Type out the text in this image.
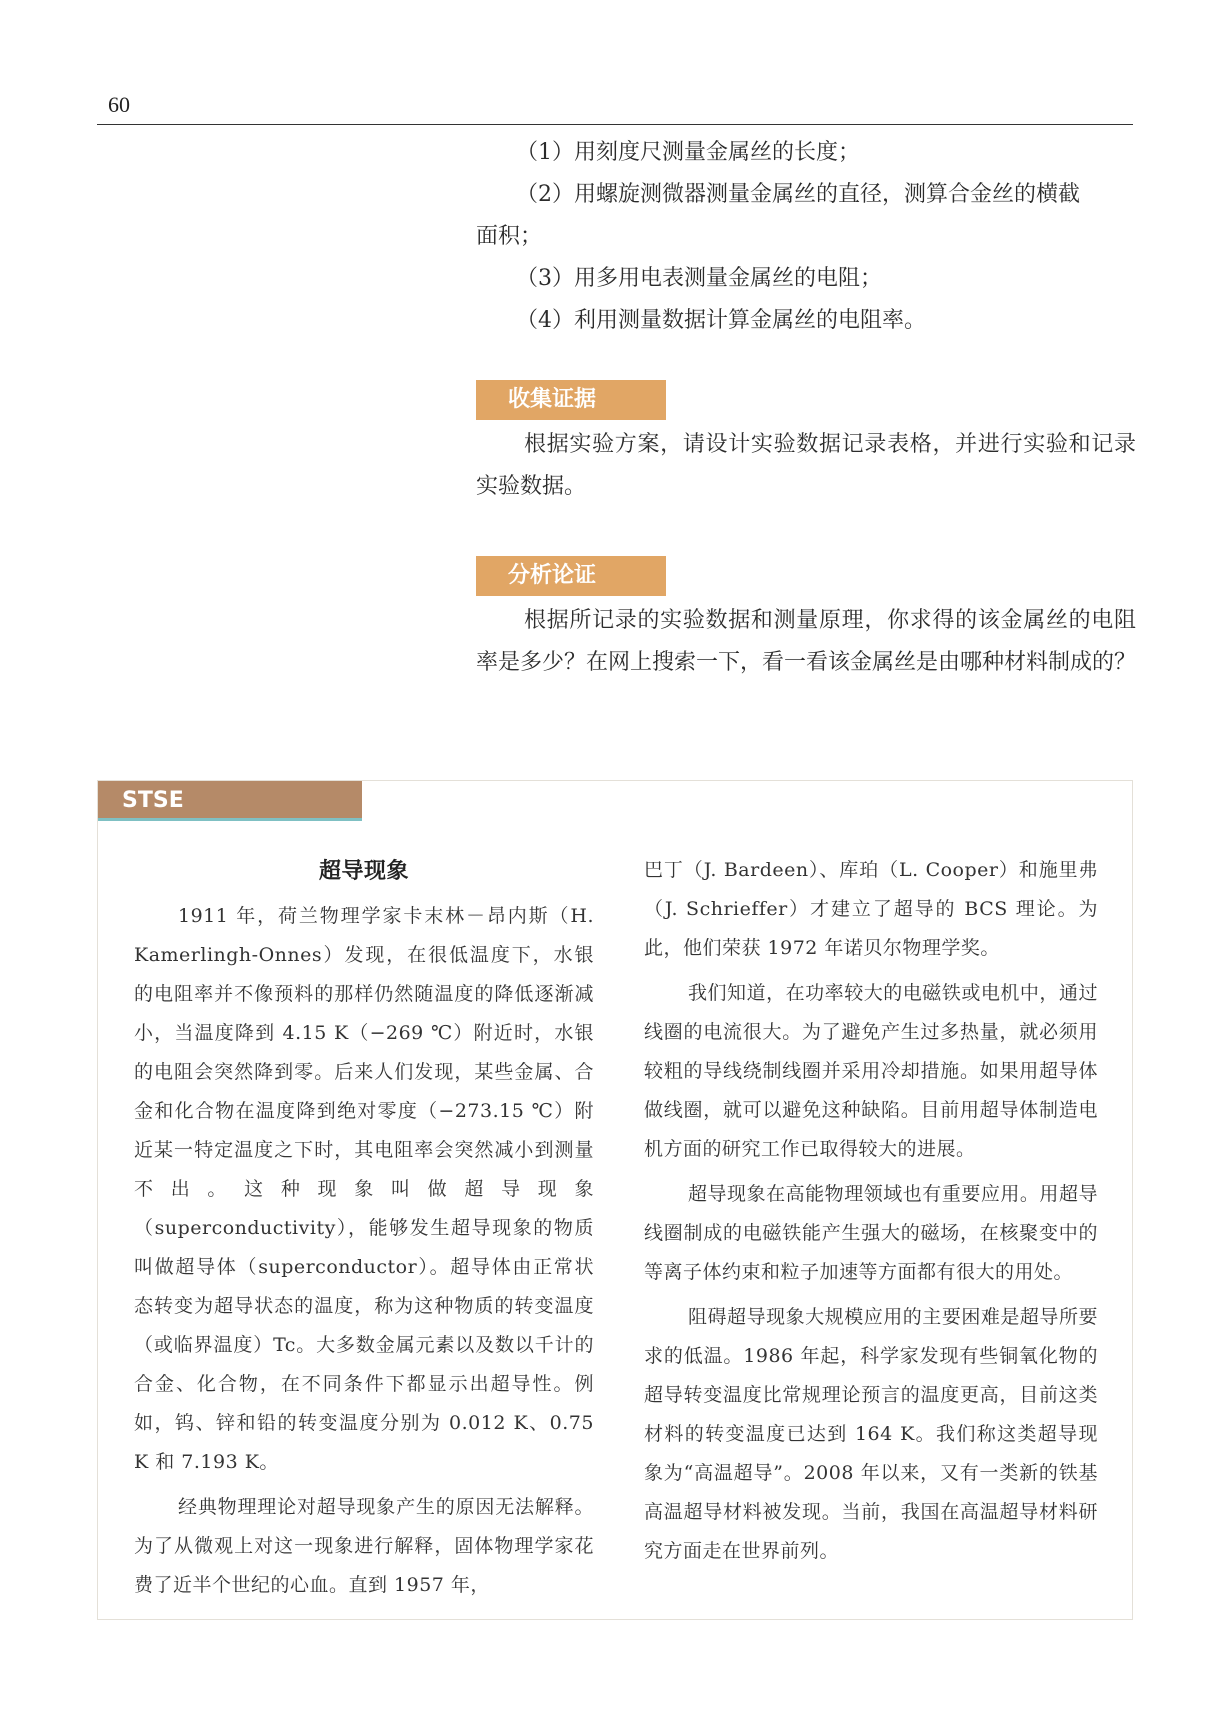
60

（1）用刻度尺测量金属丝的长度；

（2）用螺旋测微器测量金属丝的直径，测算合金丝的横截

面积；

（3）用多用电表测量金属丝的电阻；

（4）利用测量数据计算金属丝的电阻率。

收集证据

根据实验方案，请设计实验数据记录表格，并进行实验和记录实验数据。

分析论证

根据所记录的实验数据和测量原理，你求得的该金属丝的电阻率是多少？在网上搜索一下，看一看该金属丝是由哪种材料制成的？

STSE

超导现象

1911 年，荷兰物理学家卡末林－昂内斯（H. Kamerlingh-Onnes）发现，在很低温度下，水银的电阻率并不像预料的那样仍然随温度的降低逐渐减小，当温度降到 4.15 K（−269 ℃）附近时，水银的电阻会突然降到零。后来人们发现，某些金属、合金和化合物在温度降到绝对零度（−273.15 ℃）附近某一特定温度之下时，其电阻率会突然减小到测量不出。这种现象叫做超导现象（superconductivity），能够发生超导现象的物质叫做超导体（superconductor）。超导体由正常状态转变为超导状态的温度，称为这种物质的转变温度（或临界温度）Tc。大多数金属元素以及数以千计的合金、化合物，在不同条件下都显示出超导性。例如，钨、锌和铅的转变温度分别为 0.012 K、0.75 K 和 7.193 K。

经典物理理论对超导现象产生的原因无法解释。为了从微观上对这一现象进行解释，固体物理学家花费了近半个世纪的心血。直到 1957 年，

巴丁（J. Bardeen）、库珀（L. Cooper）和施里弗（J. Schrieffer）才建立了超导的 BCS 理论。为此，他们荣获 1972 年诺贝尔物理学奖。

我们知道，在功率较大的电磁铁或电机中，通过线圈的电流很大。为了避免产生过多热量，就必须用较粗的导线绕制线圈并采用冷却措施。如果用超导体做线圈，就可以避免这种缺陷。目前用超导体制造电机方面的研究工作已取得较大的进展。

超导现象在高能物理领域也有重要应用。用超导线圈制成的电磁铁能产生强大的磁场，在核聚变中的等离子体约束和粒子加速等方面都有很大的用处。

阻碍超导现象大规模应用的主要困难是超导所要求的低温。1986 年起，科学家发现有些铜氧化物的超导转变温度比常规理论预言的温度更高，目前这类材料的转变温度已达到 164 K。我们称这类超导现象为“高温超导”。2008 年以来，又有一类新的铁基高温超导材料被发现。当前，我国在高温超导材料研究方面走在世界前列。
